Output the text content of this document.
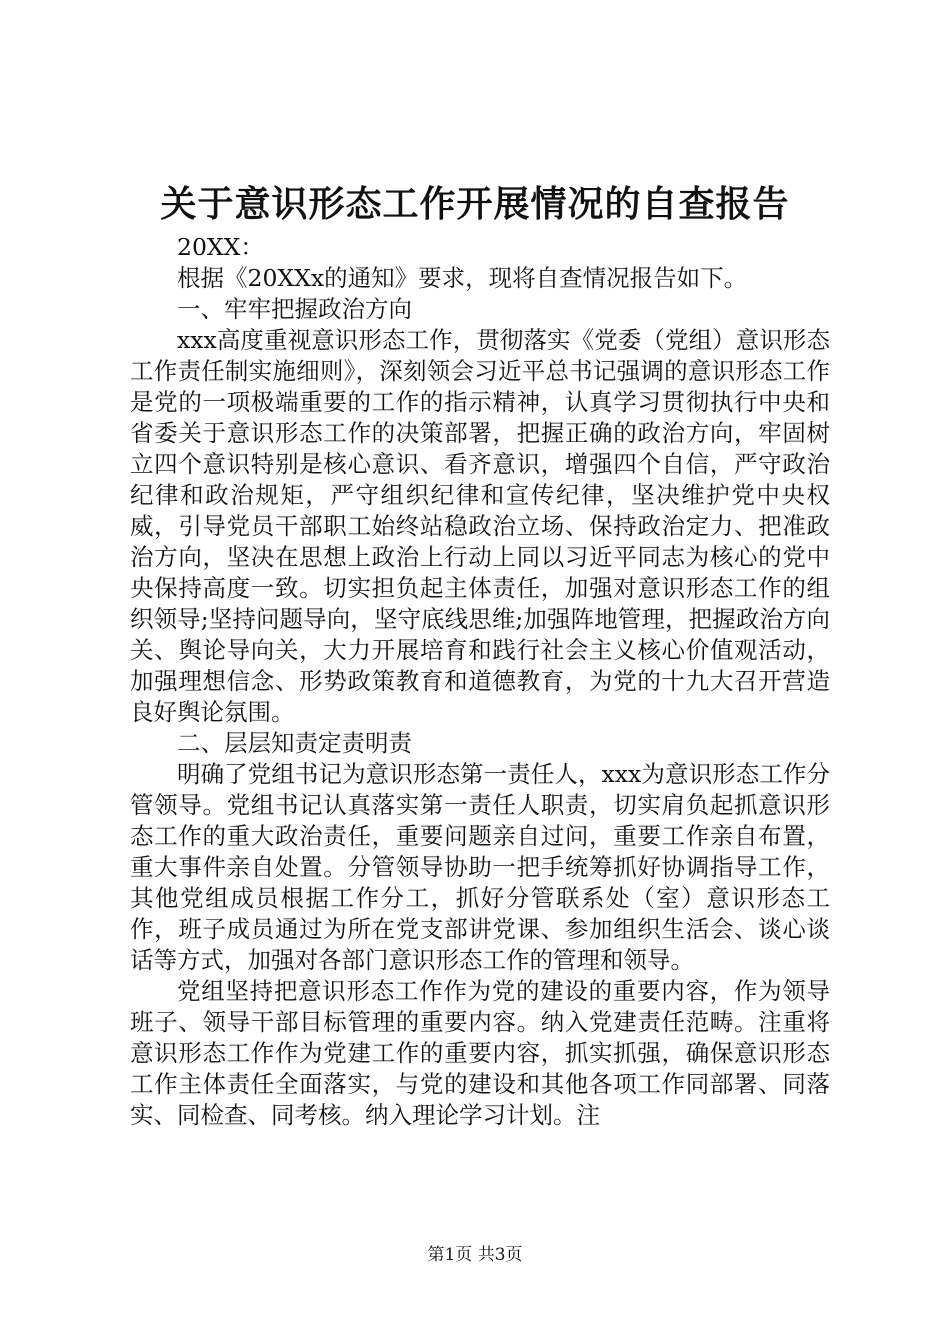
关于意识形态工作开展情况的自查报告

20XX：

根据《20XXx的通知》要求，现将自查情况报告如下。

一、牢牢把握政治方向

xxx高度重视意识形态工作，贯彻落实《党委（党组）意识形态工作责任制实施细则》，深刻领会习近平总书记强调的意识形态工作是党的一项极端重要的工作的指示精神，认真学习贯彻执行中央和省委关于意识形态工作的决策部署，把握正确的政治方向，牢固树立四个意识特别是核心意识、看齐意识，增强四个自信，严守政治纪律和政治规矩，严守组织纪律和宣传纪律，坚决维护党中央权威，引导党员干部职工始终站稳政治立场、保持政治定力、把准政治方向，坚决在思想上政治上行动上同以习近平同志为核心的党中央保持高度一致。切实担负起主体责任，加强对意识形态工作的组织领导;坚持问题导向，坚守底线思维;加强阵地管理，把握政治方向关、舆论导向关，大力开展培育和践行社会主义核心价值观活动，加强理想信念、形势政策教育和道德教育，为党的十九大召开营造良好舆论氛围。

二、层层知责定责明责

明确了党组书记为意识形态第一责任人，xxx为意识形态工作分管领导。党组书记认真落实第一责任人职责，切实肩负起抓意识形态工作的重大政治责任，重要问题亲自过问，重要工作亲自布置，重大事件亲自处置。分管领导协助一把手统筹抓好协调指导工作，其他党组成员根据工作分工，抓好分管联系处（室）意识形态工作，班子成员通过为所在党支部讲党课、参加组织生活会、谈心谈话等方式，加强对各部门意识形态工作的管理和领导。

党组坚持把意识形态工作作为党的建设的重要内容，作为领导班子、领导干部目标管理的重要内容。纳入党建责任范畴。注重将意识形态工作作为党建工作的重要内容，抓实抓强，确保意识形态工作主体责任全面落实，与党的建设和其他各项工作同部署、同落实、同检查、同考核。纳入理论学习计划。注

第1页 共3页
